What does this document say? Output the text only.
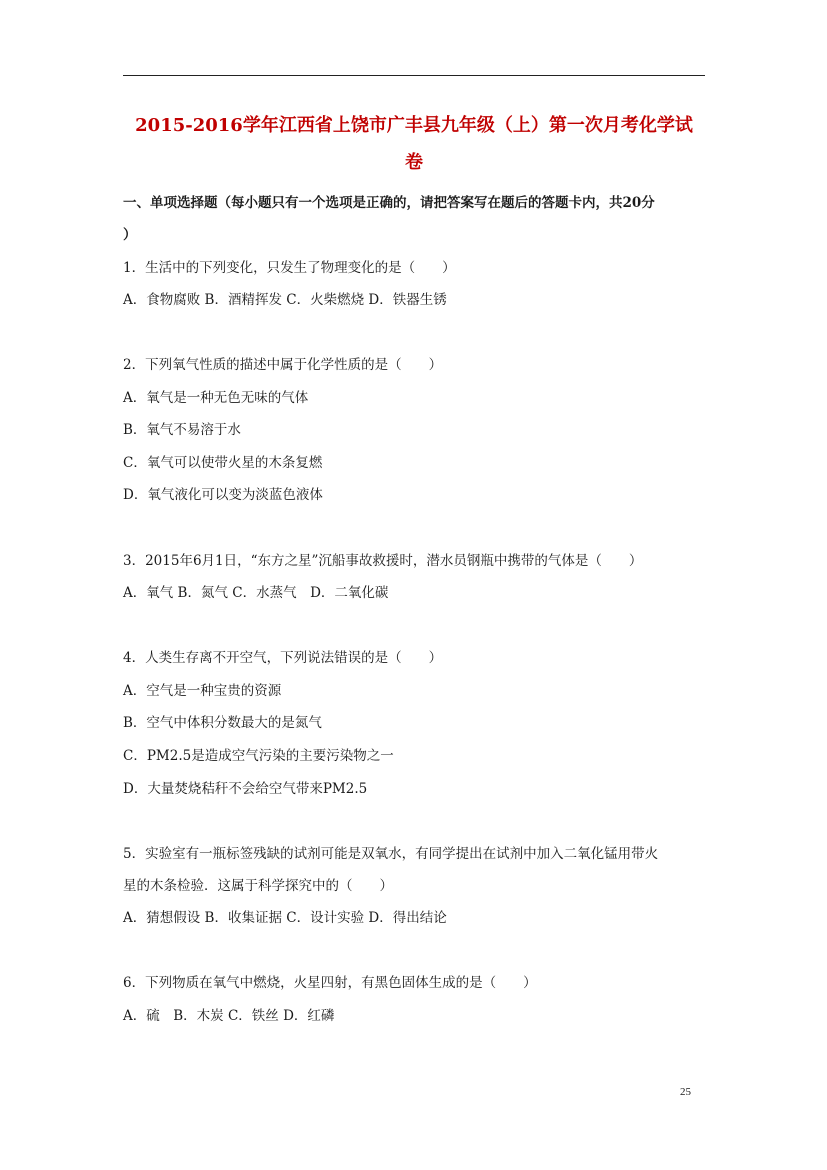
2015-2016学年江西省上饶市广丰县九年级（上）第一次月考化学试
卷
一、单项选择题（每小题只有一个选项是正确的，请把答案写在题后的答题卡内，共20分
）
1．生活中的下列变化，只发生了物理变化的是（　　）
A．食物腐败 B．酒精挥发 C．火柴燃烧 D．铁器生锈
2．下列氧气性质的描述中属于化学性质的是（　　）
A．氧气是一种无色无味的气体
B．氧气不易溶于水
C．氧气可以使带火星的木条复燃
D．氧气液化可以变为淡蓝色液体
3．2015年6月1日，“东方之星”沉船事故救援时，潜水员钢瓶中携带的气体是（　　）
A．氧气 B．氮气 C．水蒸气　D．二氧化碳
4．人类生存离不开空气，下列说法错误的是（　　）
A．空气是一种宝贵的资源
B．空气中体积分数最大的是氮气
C．PM2.5是造成空气污染的主要污染物之一
D．大量焚烧秸秆不会给空气带来PM2.5
5．实验室有一瓶标签残缺的试剂可能是双氧水，有同学提出在试剂中加入二氧化锰用带火
星的木条检验．这属于科学探究中的（　　）
A．猜想假设 B．收集证据 C．设计实验 D．得出结论
6．下列物质在氧气中燃烧，火星四射，有黑色固体生成的是（　　）
A．硫　B．木炭 C．铁丝 D．红磷
25
